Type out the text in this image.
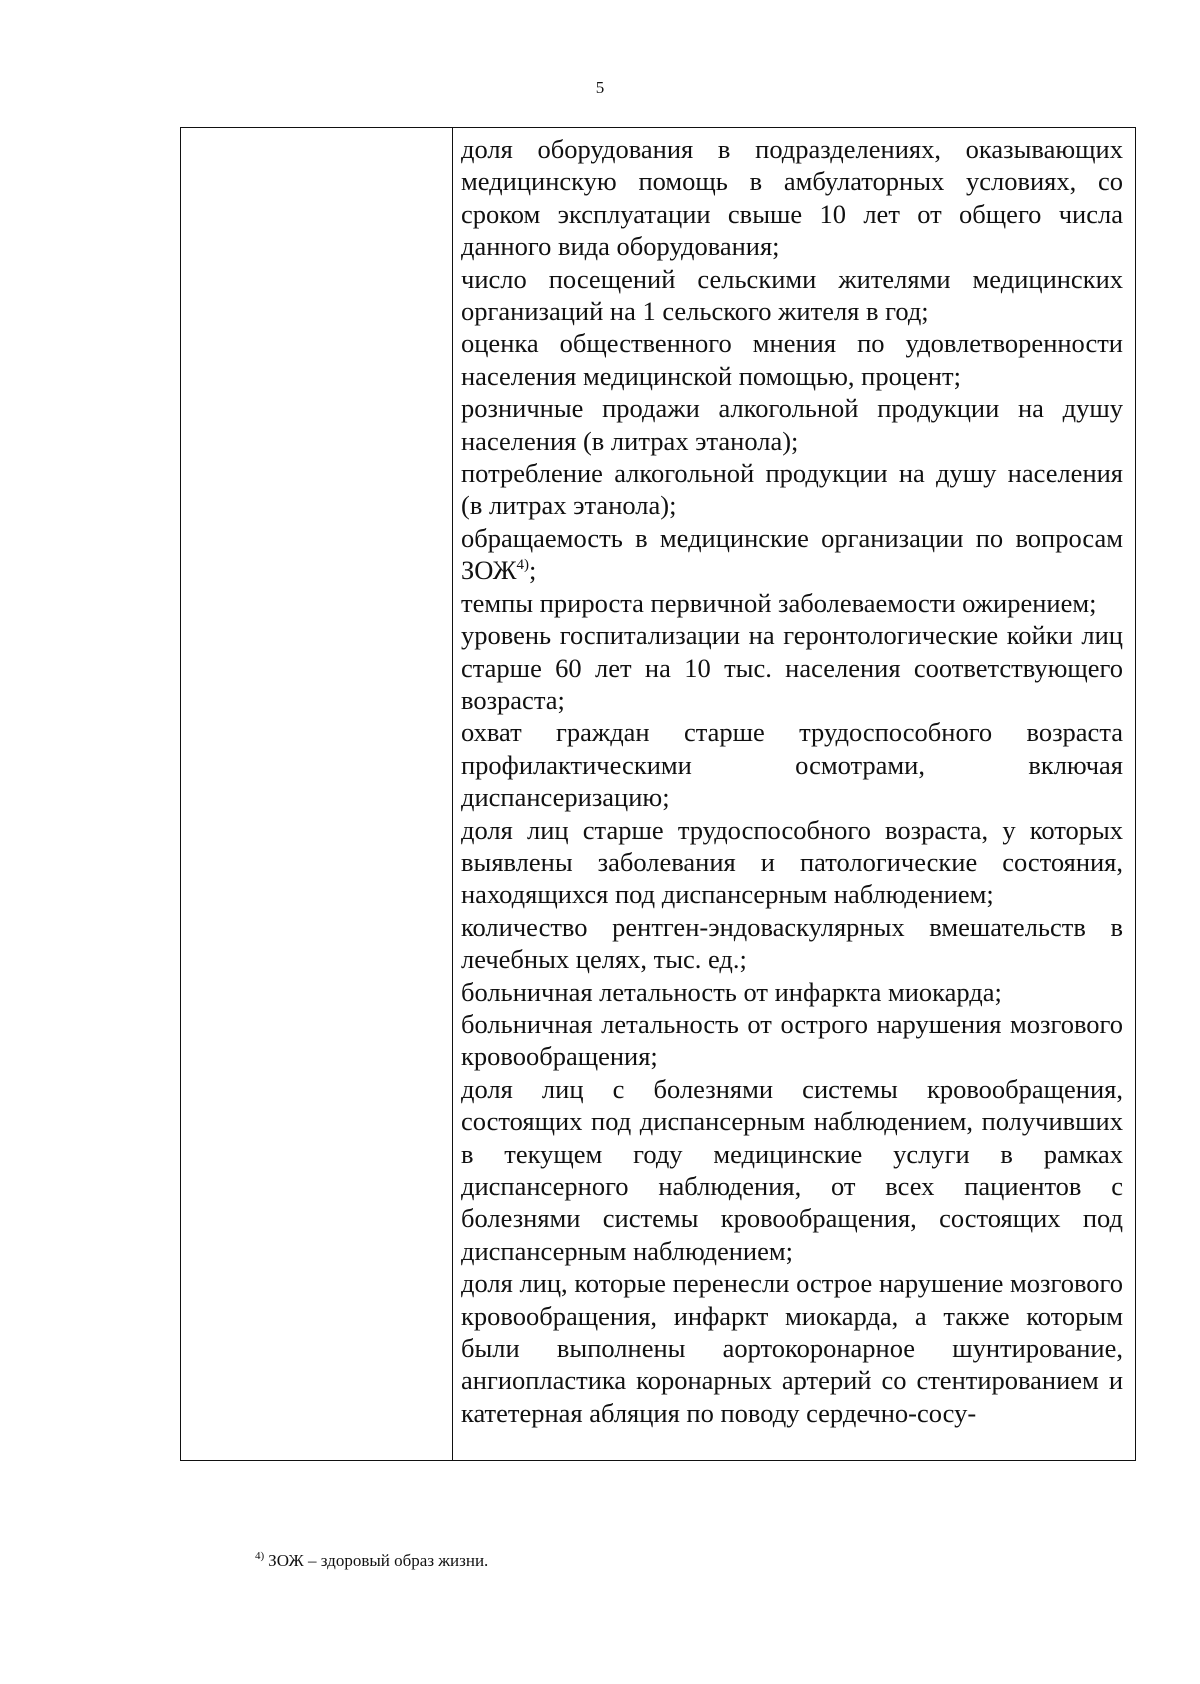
5

доля оборудования в подразделениях, оказывающих медицинскую помощь в амбулаторных условиях, со сроком эксплуатации свыше 10 лет от общего числа данного вида оборудования;

число посещений сельскими жителями медицинских организаций на 1 сельского жителя в год;

оценка общественного мнения по удовлетворенности населения медицинской помощью, процент;

розничные продажи алкогольной продукции на душу населения (в литрах этанола);

потребление алкогольной продукции на душу населения (в литрах этанола);

обращаемость в медицинские организации по вопросам ЗОЖ$^{4)}$;

темпы прироста первичной заболеваемости ожирением;

уровень госпитализации на геронтологические койки лиц старше 60 лет на 10 тыс. населения соответствующего возраста;

охват граждан старше трудоспособного возраста профилактическими осмотрами, включая диспансеризацию;

доля лиц старше трудоспособного возраста, у которых выявлены заболевания и патологические состояния, находящихся под диспансерным наблюдением;

количество рентген-эндоваскулярных вмешательств в лечебных целях, тыс. ед.;

больничная летальность от инфаркта миокарда;

больничная летальность от острого нарушения мозгового кровообращения;

доля лиц с болезнями системы кровообращения, состоящих под диспансерным наблюдением, получивших в текущем году медицинские услуги в рамках диспансерного наблюдения, от всех пациентов с болезнями системы кровообращения, состоящих под диспансерным наблюдением;

доля лиц, которые перенесли острое нарушение мозгового кровообращения, инфаркт миокарда, а также которым были выполнены аортокоронарное шунтирование, ангиопластика коронарных артерий со стентированием и катетерная абляция по поводу сердечно-сосу-

$^{4)}$ ЗОЖ – здоровый образ жизни.
